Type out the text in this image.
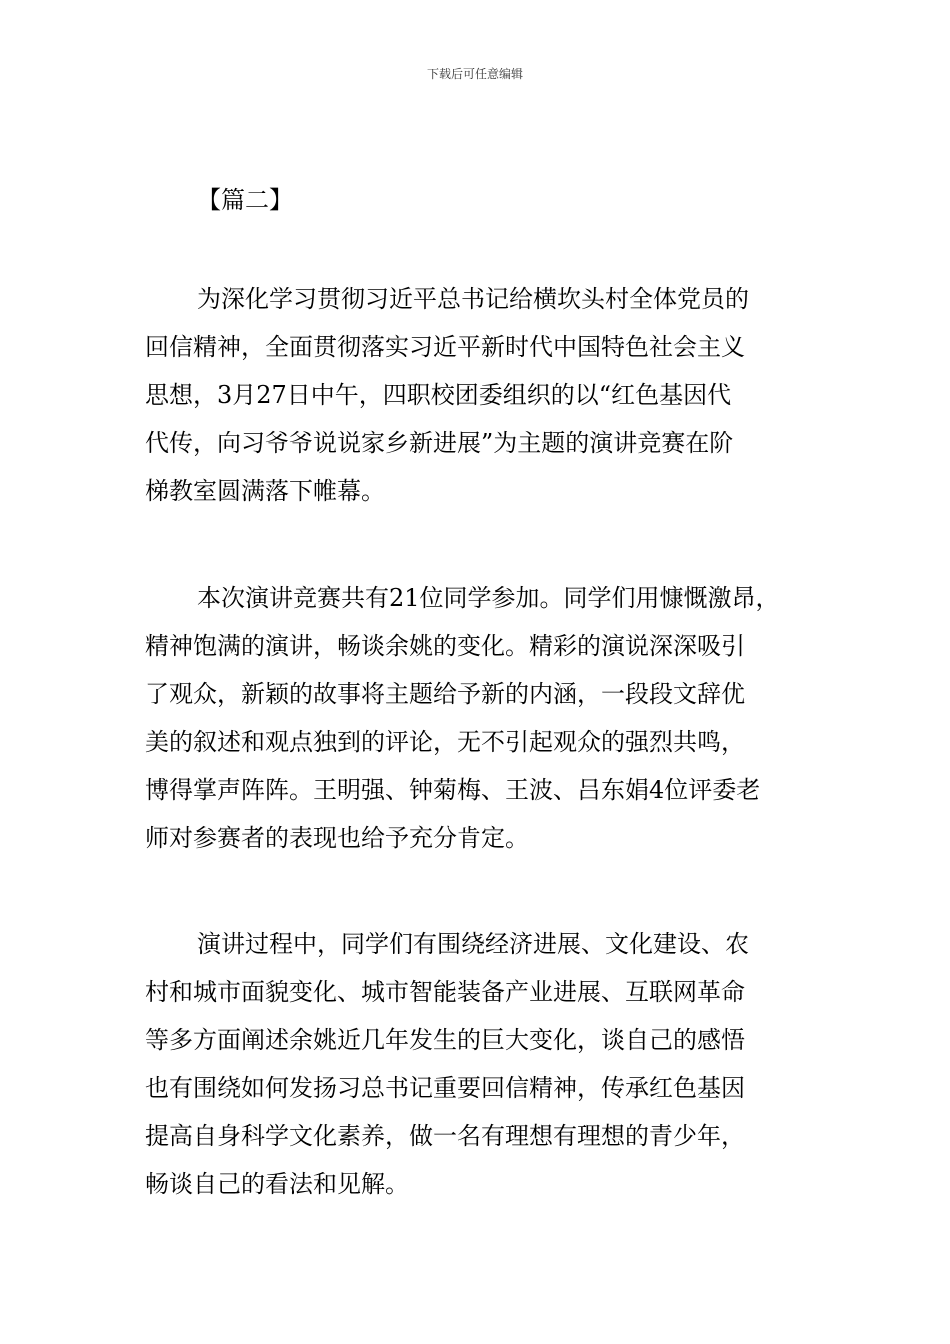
下载后可任意编辑
【篇二】
为深化学习贯彻习近平总书记给横坎头村全体党员的
回信精神，全面贯彻落实习近平新时代中国特色社会主义
思想，3月27日中午，四职校团委组织的以“红色基因代
代传，向习爷爷说说家乡新进展”为主题的演讲竞赛在阶
梯教室圆满落下帷幕。
本次演讲竞赛共有21位同学参加。同学们用慷慨激昂，
精神饱满的演讲，畅谈余姚的变化。精彩的演说深深吸引
了观众，新颖的故事将主题给予新的内涵，一段段文辞优
美的叙述和观点独到的评论，无不引起观众的强烈共鸣，
博得掌声阵阵。王明强、钟菊梅、王波、吕东娟4位评委老
师对参赛者的表现也给予充分肯定。
演讲过程中，同学们有围绕经济进展、文化建设、农
村和城市面貌变化、城市智能装备产业进展、互联网革命
等多方面阐述余姚近几年发生的巨大变化，谈自己的感悟
也有围绕如何发扬习总书记重要回信精神，传承红色基因
提高自身科学文化素养，做一名有理想有理想的青少年，
畅谈自己的看法和见解。
